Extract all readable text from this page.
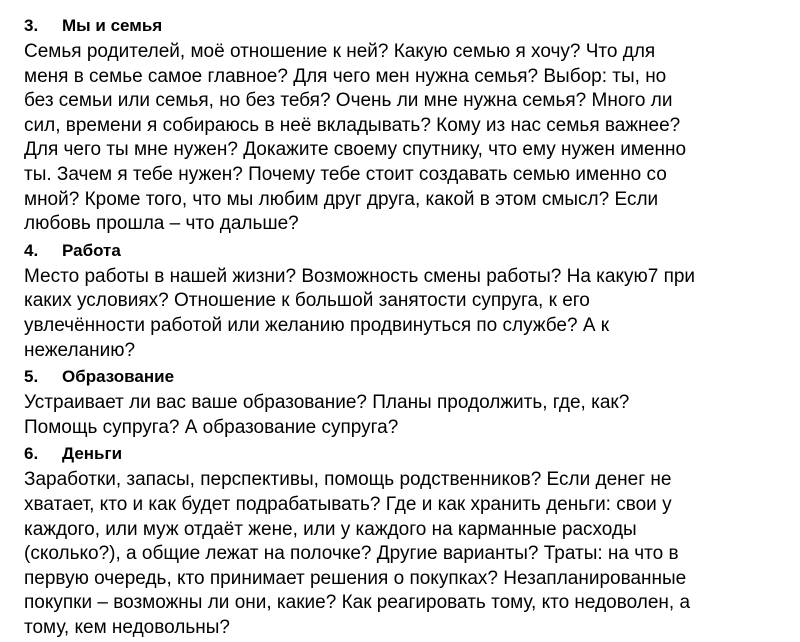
3.	Мы и семья
Семья родителей, моё отношение к ней? Какую семью я хочу? Что для
меня в семье самое главное? Для чего мен нужна семья? Выбор: ты, но
без семьи или семья, но без тебя? Очень ли мне нужна семья? Много ли
сил, времени я собираюсь в неё вкладывать? Кому из нас семья важнее?
Для чего ты мне нужен? Докажите своему спутнику, что ему нужен именно
ты. Зачем я тебе нужен? Почему тебе стоит создавать семью именно со
мной? Кроме того, что мы любим друг друга, какой в этом смысл? Если
любовь прошла – что дальше?
4.	Работа
Место работы в нашей жизни? Возможность смены работы? На какую7 при
каких условиях? Отношение к большой занятости супруга, к его
увлечённости работой или желанию продвинуться по службе? А к
нежеланию?
5.	Образование
Устраивает ли вас ваше образование? Планы продолжить, где, как?
Помощь супруга? А образование супруга?
6.	Деньги
Заработки, запасы, перспективы, помощь родственников? Если денег не
хватает, кто и как будет подрабатывать? Где и как хранить деньги: свои у
каждого, или муж отдаёт жене, или у каждого на карманные расходы
(сколько?), а общие лежат на полочке? Другие варианты? Траты: на что в
первую очередь, кто принимает решения о покупках? Незапланированные
покупки – возможны ли они, какие? Как реагировать тому, кто недоволен, а
тому, кем недовольны?
